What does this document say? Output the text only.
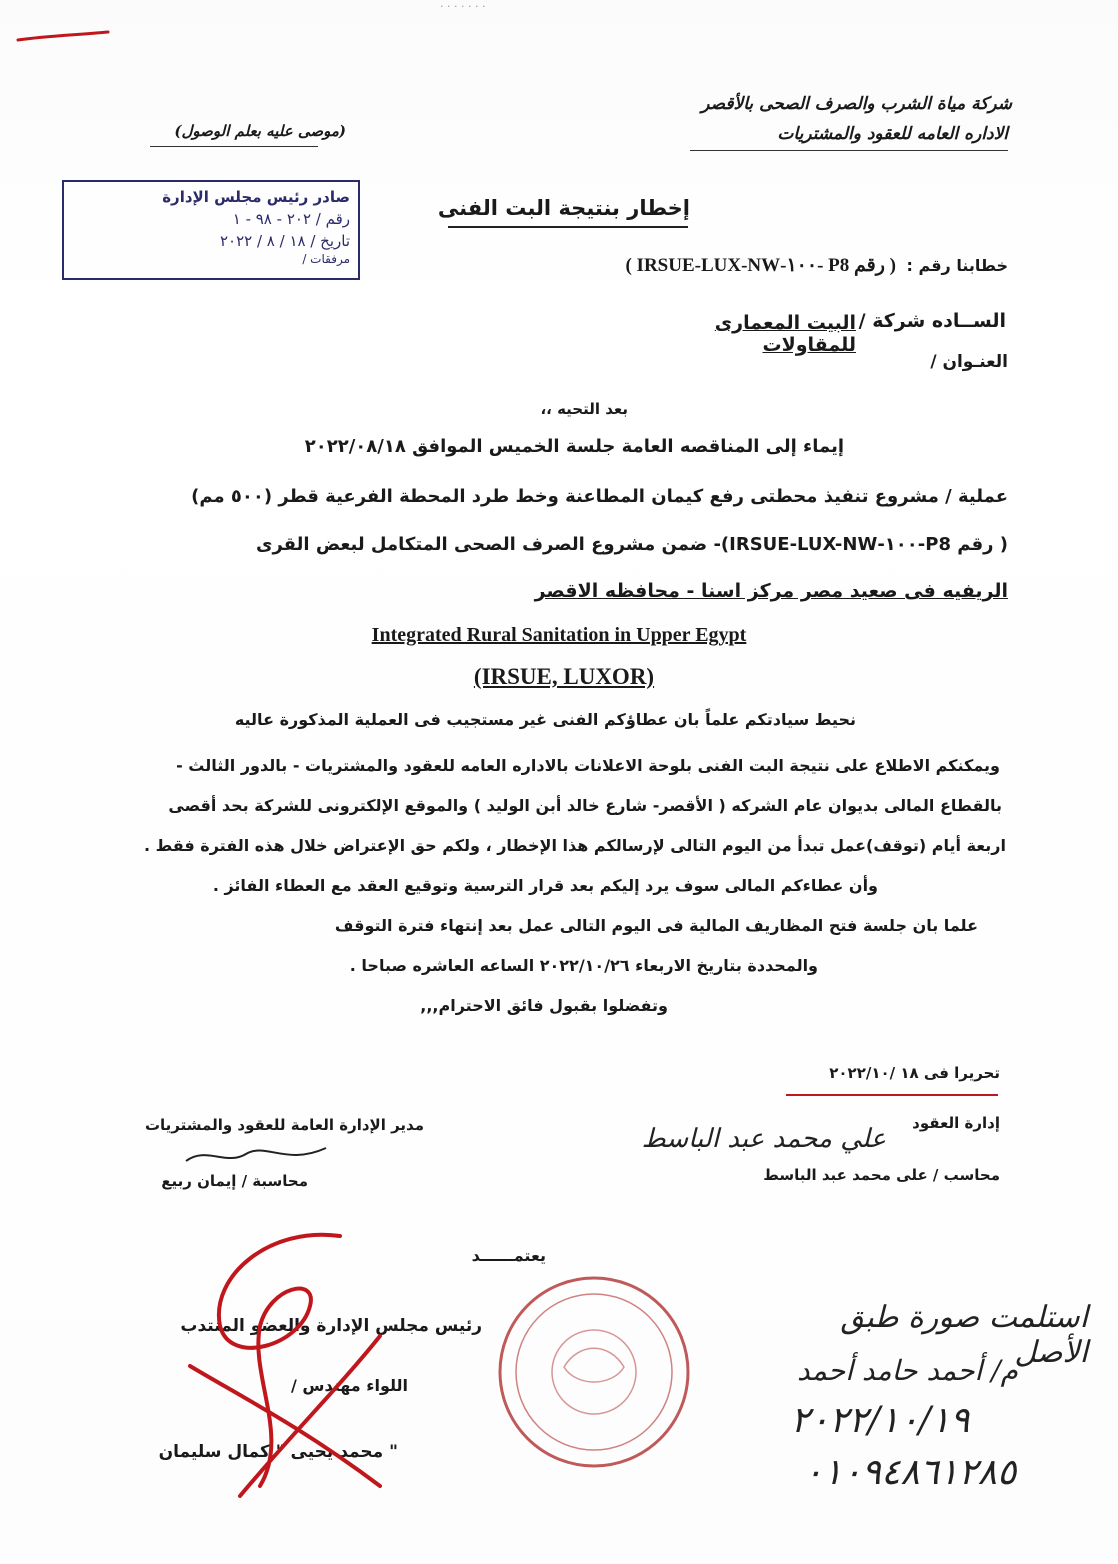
· · · · · · ·
شركة مياة الشرب والصرف الصحى بالأقصر
الاداره العامه للعقود والمشتريات
(موصى عليه بعلم الوصول)
صادر رئيس مجلس الإدارة
رقم / ٢٠٢ - ٩٨ - ١
تاريخ / ١٨ / ٨ / ٢٠٢٢
مرفقات /
إخطار بنتيجة البت الفنى
خطابنا رقم :
( رقم P8 -١٠٠-IRSUE-LUX-NW )
الســاده شركة /
البيت المعمارى للمقاولات
العنـوان /
بعد التحيه ،،
إيماء إلى المناقصه العامة جلسة الخميس الموافق ٢٠٢٢/٠٨/١٨
عملية / مشروع تنفيذ محطتى رفع كيمان المطاعنة وخط طرد المحطة الفرعية قطر (٥٠٠ مم)
( رقم P8-١٠٠-IRSUE-LUX-NW)- ضمن مشروع الصرف الصحى المتكامل لبعض القرى
الريفيه فى صعيد مصر مركز اسنا - محافظه الاقصر
Integrated Rural Sanitation in Upper Egypt
(IRSUE, LUXOR)
نحيط سيادتكم علماً بان عطاؤكم الفنى غير مستجيب فى العملية المذكورة عاليه
ويمكنكم الاطلاع على نتيجة البت الفنى بلوحة الاعلانات بالاداره العامه للعقود والمشتريات - بالدور الثالث -
بالقطاع المالى بديوان عام الشركه ( الأقصر- شارع خالد أبن الوليد ) والموقع الإلكترونى للشركة بحد أقصى
اربعة أيام (توقف)عمل تبدأ من اليوم التالى لإرسالكم هذا الإخطار ، ولكم حق الإعتراض خلال هذه الفترة فقط .
وأن عطاءكم المالى سوف يرد إليكم بعد قرار الترسية وتوقيع العقد مع العطاء الفائز .
علما بان جلسة فتح المظاريف المالية فى اليوم التالى عمل بعد إنتهاء فترة التوقف
والمحددة بتاريخ الاربعاء ٢٠٢٢/١٠/٢٦ الساعه العاشره صباحا .
وتفضلوا بقبول فائق الاحترام,,,
تحريرا فى ١٨ /٢٠٢٢/١٠
إدارة العقود
علي محمد عبد الباسط
محاسب / على محمد عبد الباسط
مدير الإدارة العامة للعقود والمشتريات
محاسبة / إيمان ربيع
يعتمــــــد
رئيس مجلس الإدارة والعضو المنتدب
اللواء مهندس /
" محمد يحيى " كمال سليمان
استلمت صورة طبق الأصل
م/ أحمد حامد أحمد
٢٠٢٢/١٠/١٩
٠١٠٩٤٨٦١٢٨٥
